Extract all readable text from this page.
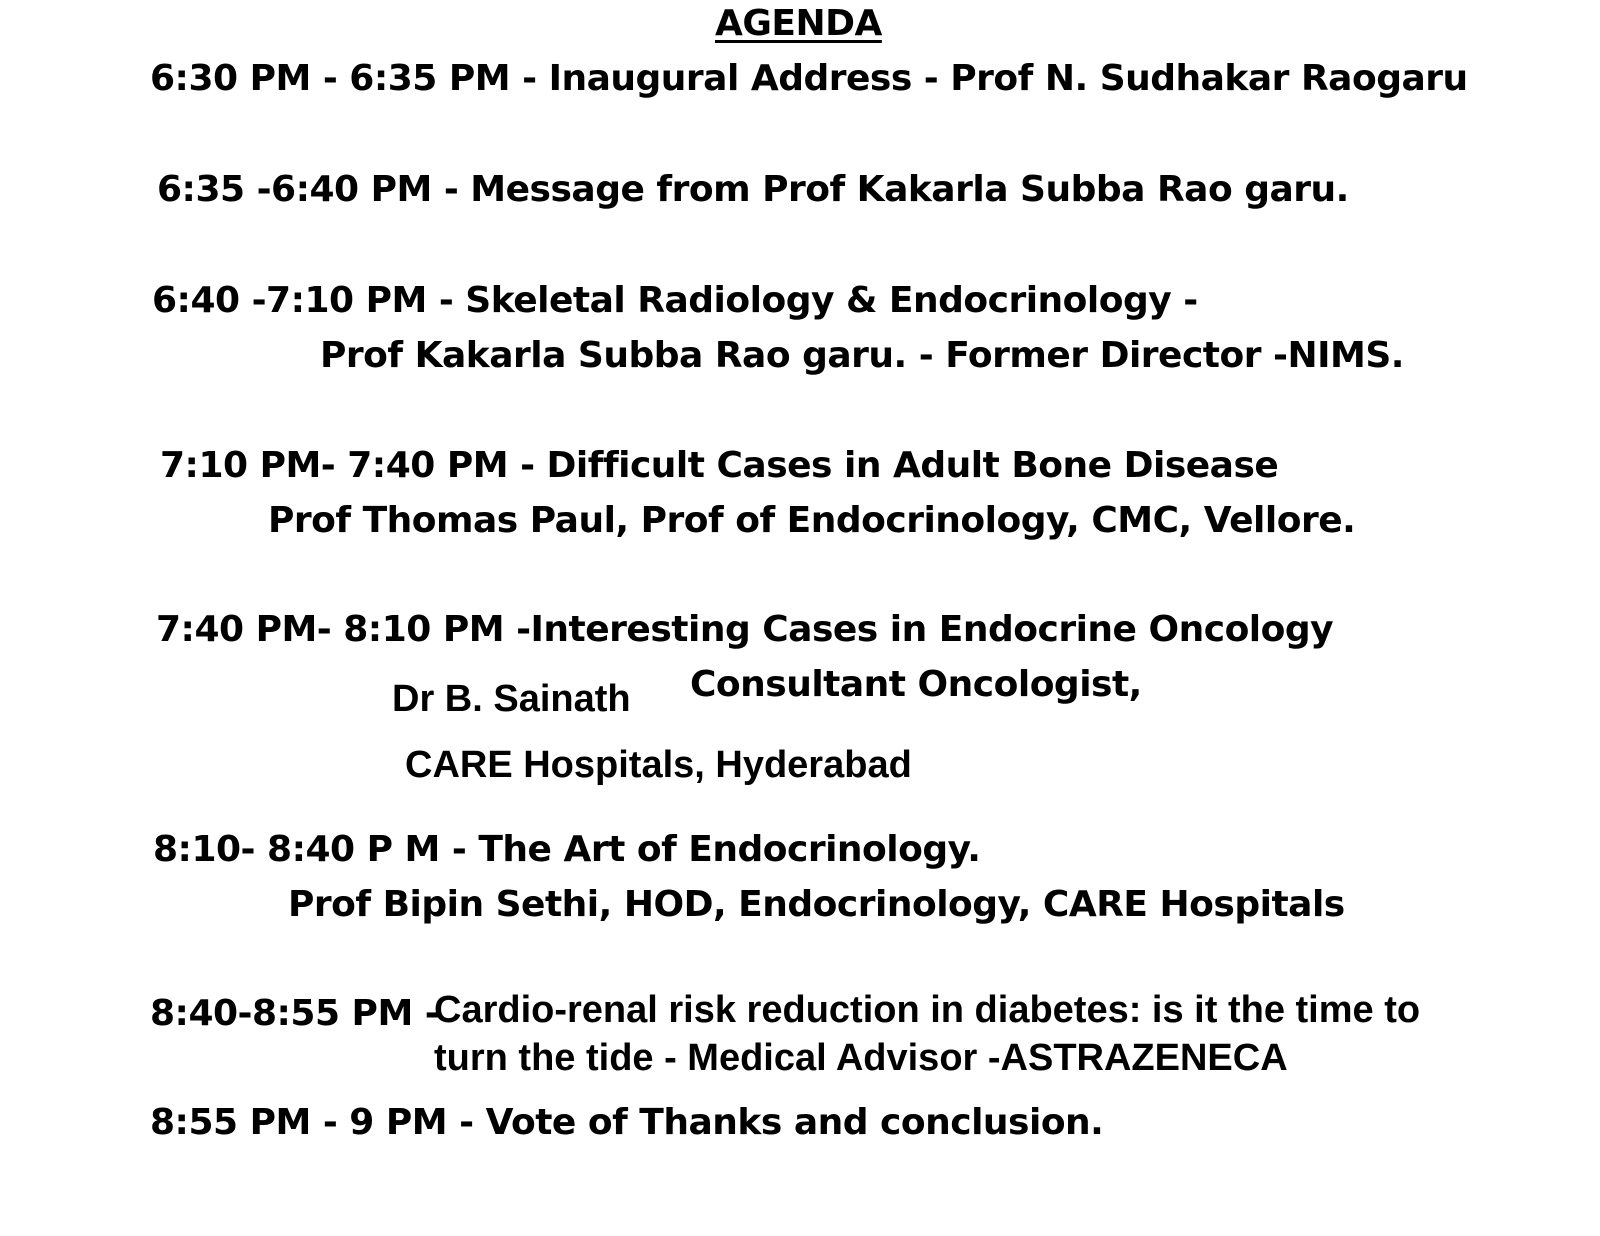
AGENDA
6:30 PM - 6:35 PM - Inaugural Address - Prof N. Sudhakar Raogaru
6:35 -6:40 PM - Message from Prof Kakarla Subba Rao garu.
6:40 -7:10 PM - Skeletal Radiology & Endocrinology -
Prof Kakarla Subba Rao garu. - Former Director -NIMS.
7:10 PM- 7:40 PM - Difficult Cases in Adult Bone Disease
Prof Thomas Paul, Prof of Endocrinology, CMC, Vellore.
7:40 PM- 8:10 PM -Interesting Cases in Endocrine Oncology
Dr B. Sainath Consultant Oncologist,
CARE Hospitals, Hyderabad
8:10- 8:40 P M - The Art of Endocrinology.
Prof Bipin Sethi, HOD, Endocrinology, CARE Hospitals
8:40-8:55 PM -
Cardio-renal risk reduction in diabetes: is it the time to
turn the tide - Medical Advisor -ASTRAZENECA
8:55 PM - 9 PM - Vote of Thanks and conclusion.
